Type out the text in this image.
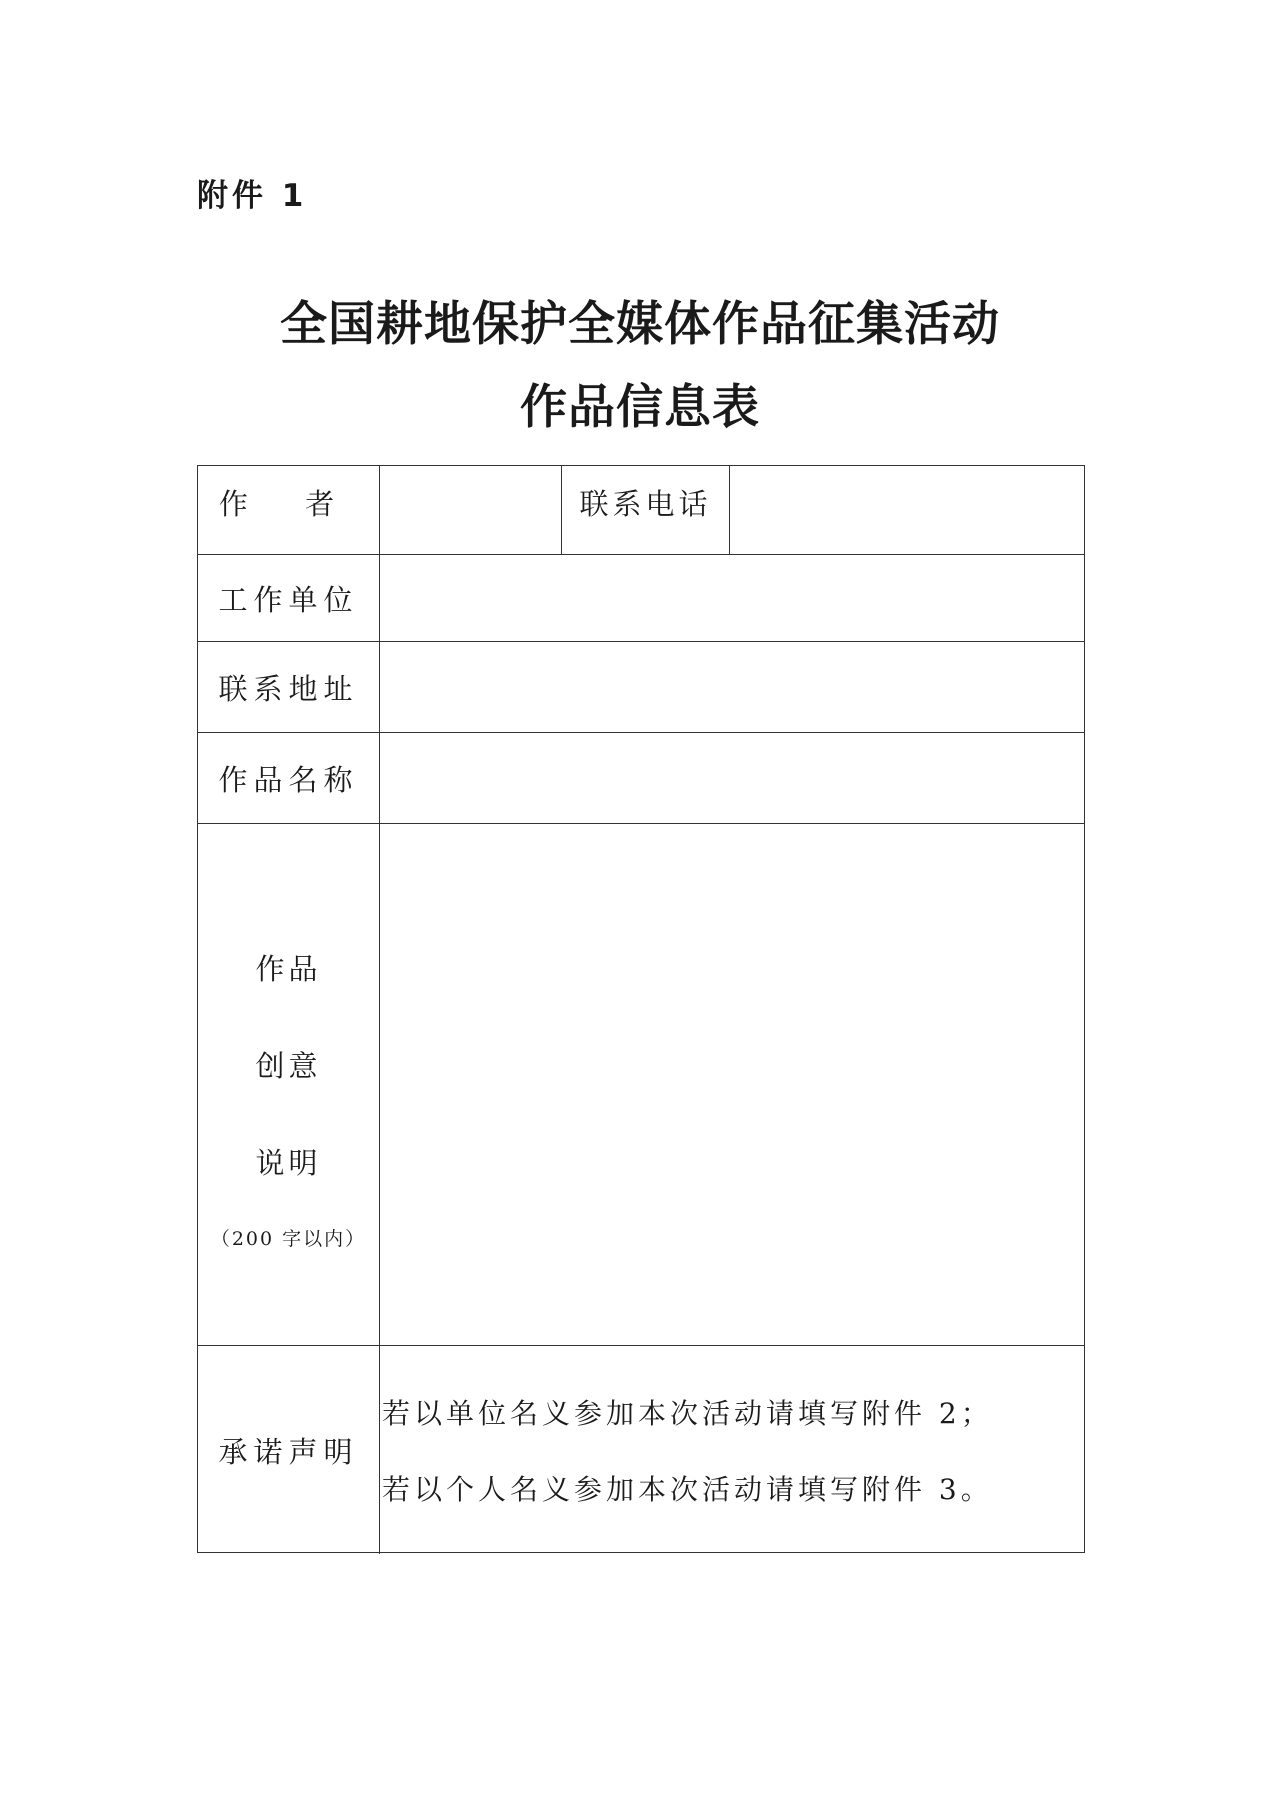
附件 1
全国耕地保护全媒体作品征集活动
作品信息表
作 者	联系电话
工作单位
联系地址
作品名称
作品
创意
说明
（200 字以内）
承诺声明
若以单位名义参加本次活动请填写附件 2；
若以个人名义参加本次活动请填写附件 3。
